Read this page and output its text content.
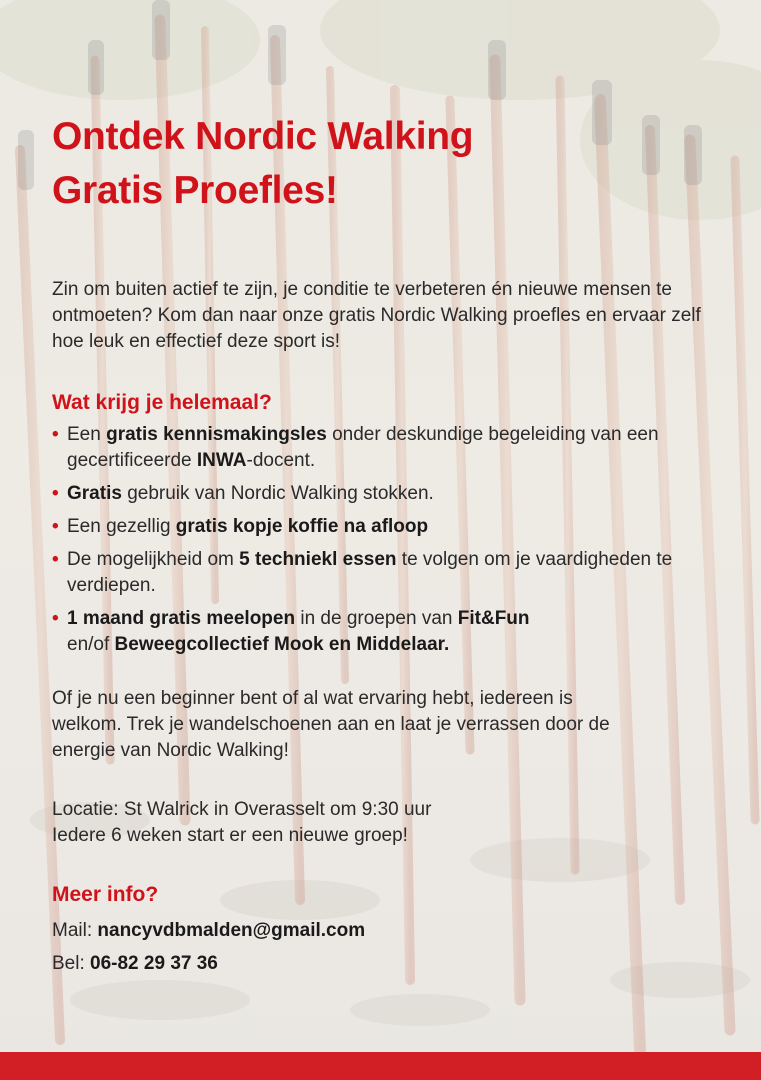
Ontdek Nordic Walking
Gratis Proefles!

Zin om buiten actief te zijn, je conditie te verbeteren én nieuwe mensen te ontmoeten? Kom dan naar onze gratis Nordic Walking proefles en ervaar zelf hoe leuk en effectief deze sport is!

Wat krijg je helemaal?
• Een gratis kennismakingsles onder deskundige begeleiding van een gecertificeerde INWA-docent.
• Gratis gebruik van Nordic Walking stokken.
• Een gezellig gratis kopje koffie na afloop
• De mogelijkheid om 5 techniekl essen te volgen om je vaardigheden te verdiepen.
• 1 maand gratis meelopen in de groepen van Fit&Fun
en/of Beweegcollectief Mook en Middelaar.

Of je nu een beginner bent of al wat ervaring hebt, iedereen is
welkom. Trek je wandelschoenen aan en laat je verrassen door de
energie van Nordic Walking!

Locatie: St Walrick in Overasselt om 9:30 uur
Iedere 6 weken start er een nieuwe groep!

Meer info?

Mail: nancyvdbmalden@gmail.com

Bel: 06-82 29 37 36
